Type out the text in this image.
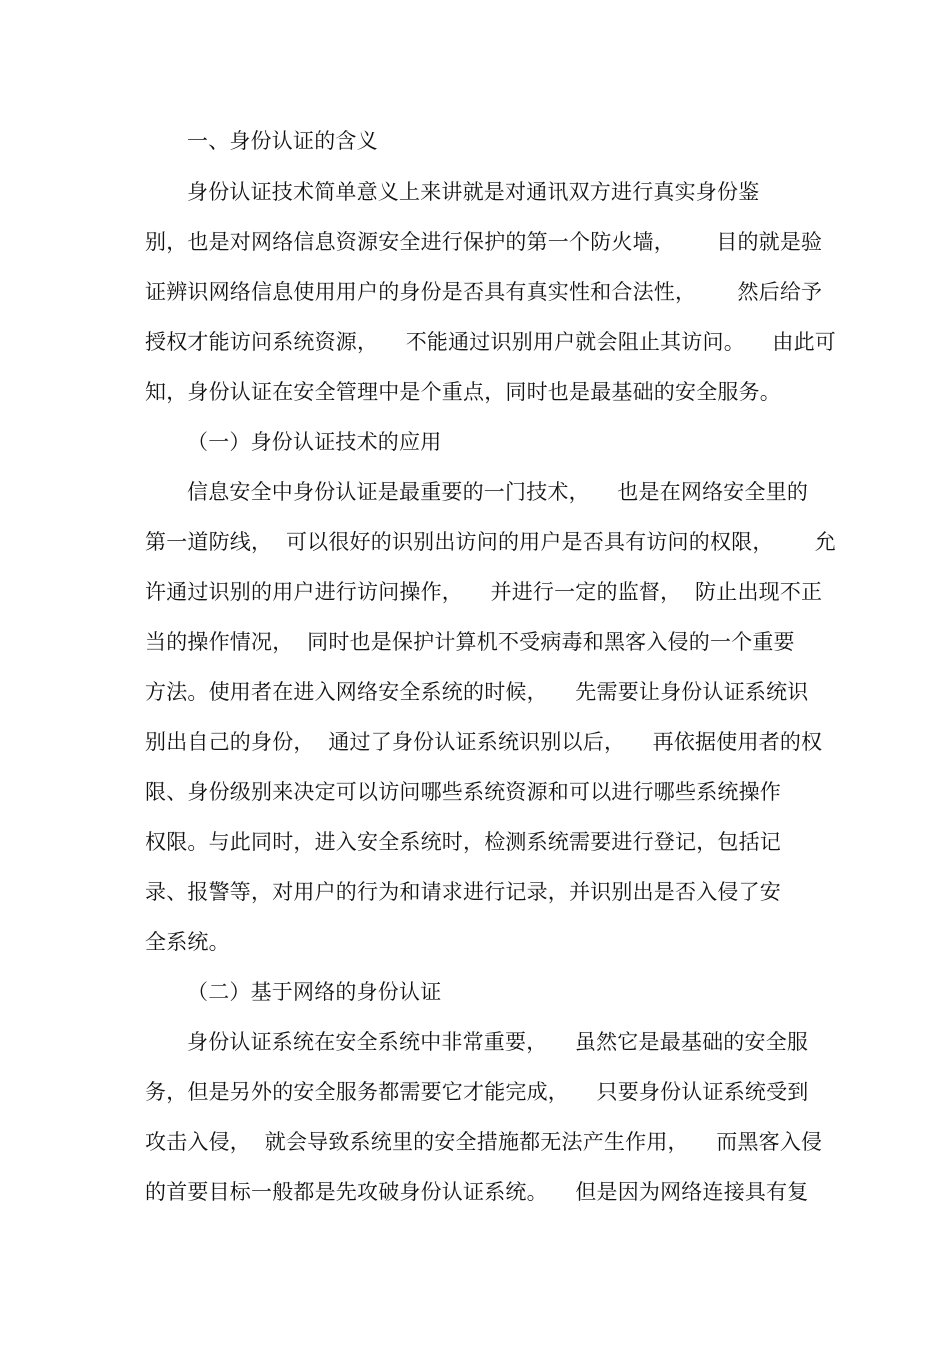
一、身份认证的含义
身份认证技术简单意义上来讲就是对通讯双方进行真实身份鉴
别，也是对网络信息资源安全进行保护的第一个防火墙，      目的就是验
证辨识网络信息使用用户的身份是否具有真实性和合法性，      然后给予
授权才能访问系统资源，    不能通过识别用户就会阻止其访问。    由此可
知，身份认证在安全管理中是个重点，同时也是最基础的安全服务。
（一）身份认证技术的应用
信息安全中身份认证是最重要的一门技术，    也是在网络安全里的
第一道防线，  可以很好的识别出访问的用户是否具有访问的权限，      允
许通过识别的用户进行访问操作，    并进行一定的监督，  防止出现不正
当的操作情况，  同时也是保护计算机不受病毒和黑客入侵的一个重要
方法。使用者在进入网络安全系统的时候，    先需要让身份认证系统识
别出自己的身份，  通过了身份认证系统识别以后，    再依据使用者的权
限、身份级别来决定可以访问哪些系统资源和可以进行哪些系统操作
权限。与此同时，进入安全系统时，检测系统需要进行登记，包括记
录、报警等，对用户的行为和请求进行记录，并识别出是否入侵了安
全系统。
（二）基于网络的身份认证
身份认证系统在安全系统中非常重要，    虽然它是最基础的安全服
务，但是另外的安全服务都需要它才能完成，    只要身份认证系统受到
攻击入侵，  就会导致系统里的安全措施都无法产生作用，    而黑客入侵
的首要目标一般都是先攻破身份认证系统。    但是因为网络连接具有复
